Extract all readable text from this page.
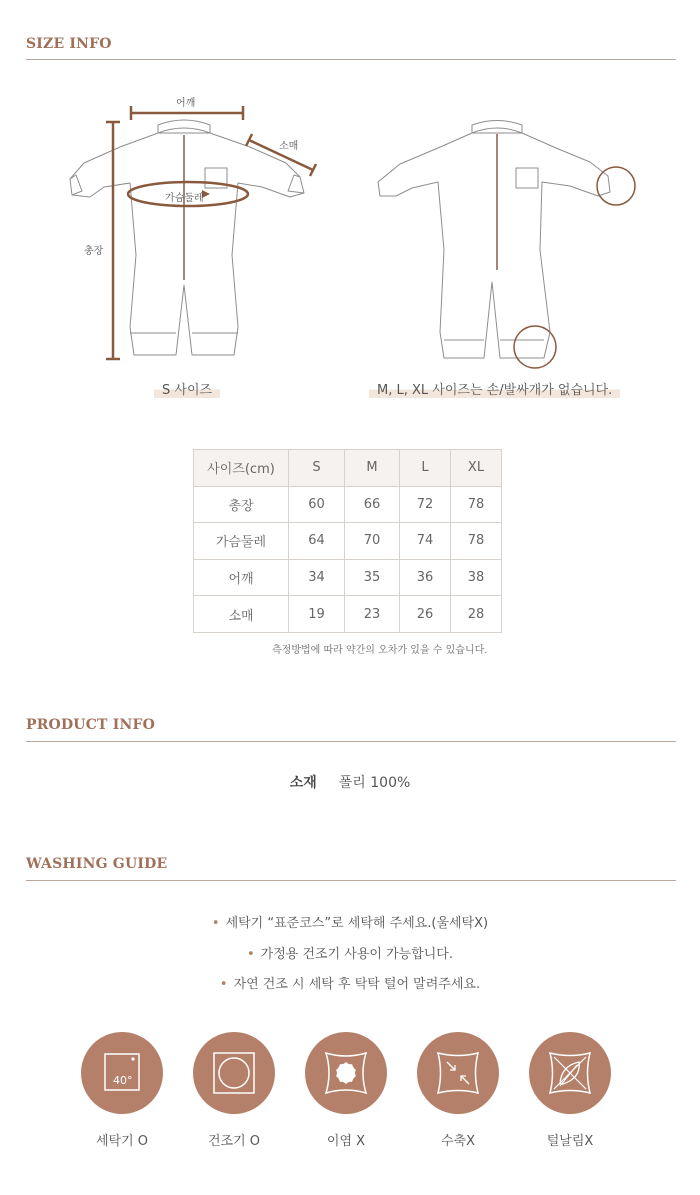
SIZE INFO
어깨
소매
가슴둘레
총장
S 사이즈	M, L, XL 사이즈는 손/발싸개가 없습니다.
사이즈(cm)	S	M	L	XL
총장	60	66	72	78
가슴둘레	64	70	74	78
어깨	34	35	36	38
소매	19	23	26	28
측정방법에 따라 약간의 오차가 있을 수 있습니다.
PRODUCT INFO
소재 폴리 100%
WASHING GUIDE
• 세탁기 “표준코스”로 세탁해 주세요.(울세탁X)
• 가정용 건조기 사용이 가능합니다.
• 자연 건조 시 세탁 후 탁탁 털어 말려주세요.
40°
세탁기 O	건조기 O	이염 X	수축X	털날림X
